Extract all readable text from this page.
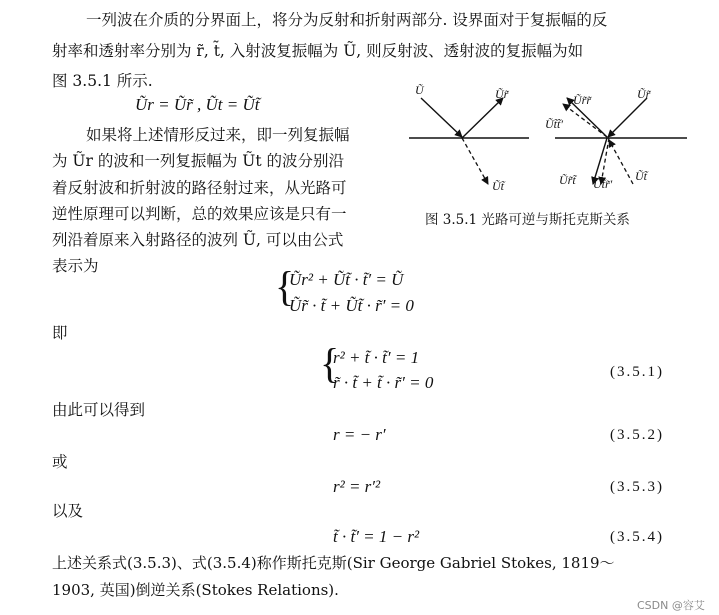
一列波在介质的分界面上，将分为反射和折射两部分. 设界面对于复振幅的反
射率和透射率分别为 r̃, t̃, 入射波复振幅为 Ũ, 则反射波、透射波的复振幅为如
图 3.5.1 所示.
Ũr = Ũr̃ , Ũt = Ũt̃
如果将上述情形反过来，即一列复振幅
为 Ũr 的波和一列复振幅为 Ũt 的波分别沿
着反射波和折射波的路径射过来，从光路可
逆性原理可以判断，总的效果应该是只有一
列沿着原来入射路径的波列 Ũ, 可以由公式
表示为
Ũ	Ũr̃
Ũt̃
Ũr̃r̃
Ũt̃t̃′
Ũr̃
Ũr̃t̃ Ũt̃r̃′
Ũt̃
图 3.5.1 光路可逆与斯托克斯关系
{
Ũr² + Ũt̃ · t̃′ = Ũ
Ũr̃ · t̃ + Ũt̃ · r̃′ = 0
即
{
r² + t̃ · t̃′ = 1
r̃ · t̃ + t̃ · r̃′ = 0
(3.5.1)
由此可以得到
r = − r′	(3.5.2)
或
r² = r′²	(3.5.3)
以及
t̃ · t̃′ = 1 − r²	(3.5.4)
上述关系式(3.5.3)、式(3.5.4)称作斯托克斯(Sir George Gabriel Stokes, 1819～
1903, 英国)倒逆关系(Stokes Relations).
CSDN @容艾
